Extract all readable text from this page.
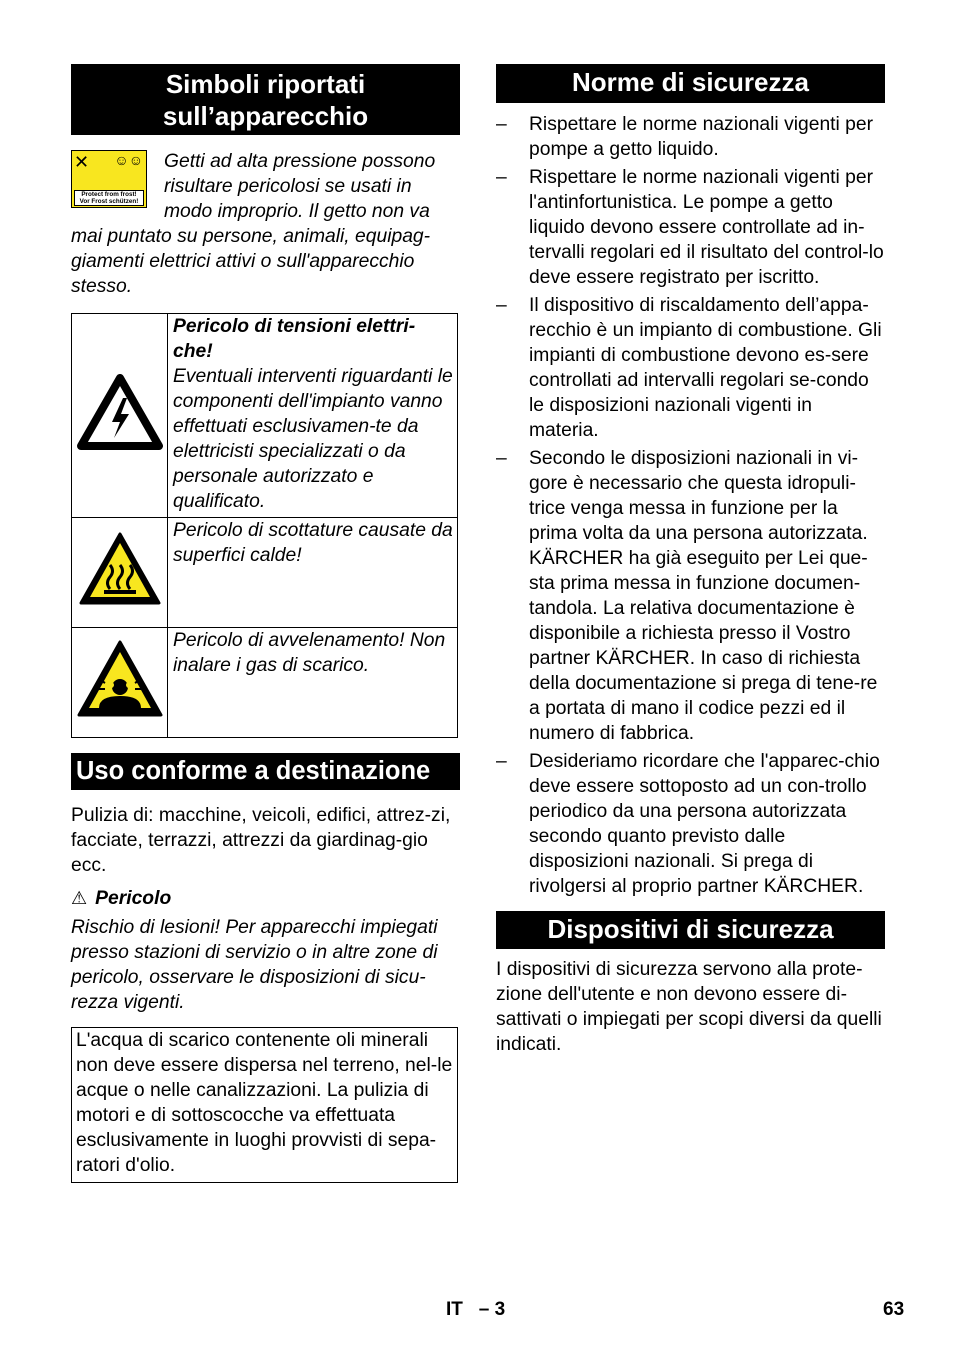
Simboli riportati sull’apparecchio
✕ ☺☺
Protect from frost!
Vor Frost schützen!

Getti ad alta pressione possono risultare pericolosi se usati in modo improprio. Il getto non va mai puntato su persone, animali, equipag-giamenti elettrici attivi o sull'apparecchio stesso.

Pericolo di tensioni elettri-che!
Eventuali interventi riguardanti le componenti dell'impianto vanno effettuati esclusivamen-te da elettricisti specializzati o da personale autorizzato e qualificato.

Pericolo di scottature causate da superfici calde!

Pericolo di avvelenamento! Non inalare i gas di scarico.
Uso conforme a destinazione

Pulizia di: macchine, veicoli, edifici, attrez-zi, facciate, terrazzi, attrezzi da giardinag-gio ecc.

⚠ Pericolo

Rischio di lesioni! Per apparecchi impiegati presso stazioni di servizio o in altre zone di pericolo, osservare le disposizioni di sicu-rezza vigenti.

L'acqua di scarico contenente oli minerali non deve essere dispersa nel terreno, nel-le acque o nelle canalizzazioni. La pulizia di motori e di sottoscocche va effettuata esclusivamente in luoghi provvisti di sepa-ratori d'olio.

Norme di sicurezza
– Rispettare le norme nazionali vigenti per pompe a getto liquido.
– Rispettare le norme nazionali vigenti per l'antinfortunistica. Le pompe a getto liquido devono essere controllate ad in-tervalli regolari ed il risultato del control-lo deve essere registrato per iscritto.
– Il dispositivo di riscaldamento dell’appa-recchio è un impianto di combustione. Gli impianti di combustione devono es-sere controllati ad intervalli regolari se-condo le disposizioni nazionali vigenti in materia.
– Secondo le disposizioni nazionali in vi-gore è necessario che questa idropuli-trice venga messa in funzione per la prima volta da una persona autorizzata. KÄRCHER ha già eseguito per Lei que-sta prima messa in funzione documen-tandola. La relativa documentazione è disponibile a richiesta presso il Vostro partner KÄRCHER. In caso di richiesta della documentazione si prega di tene-re a portata di mano il codice pezzi ed il numero di fabbrica.
– Desideriamo ricordare che l'apparec-chio deve essere sottoposto ad un con-trollo periodico da una persona autorizzata secondo quanto previsto dalle disposizioni nazionali. Si prega di rivolgersi al proprio partner KÄRCHER.
Dispositivi di sicurezza

I dispositivi di sicurezza servono alla prote-zione dell'utente e non devono essere di-sattivati o impiegati per scopi diversi da quelli indicati.

IT   – 3	63
